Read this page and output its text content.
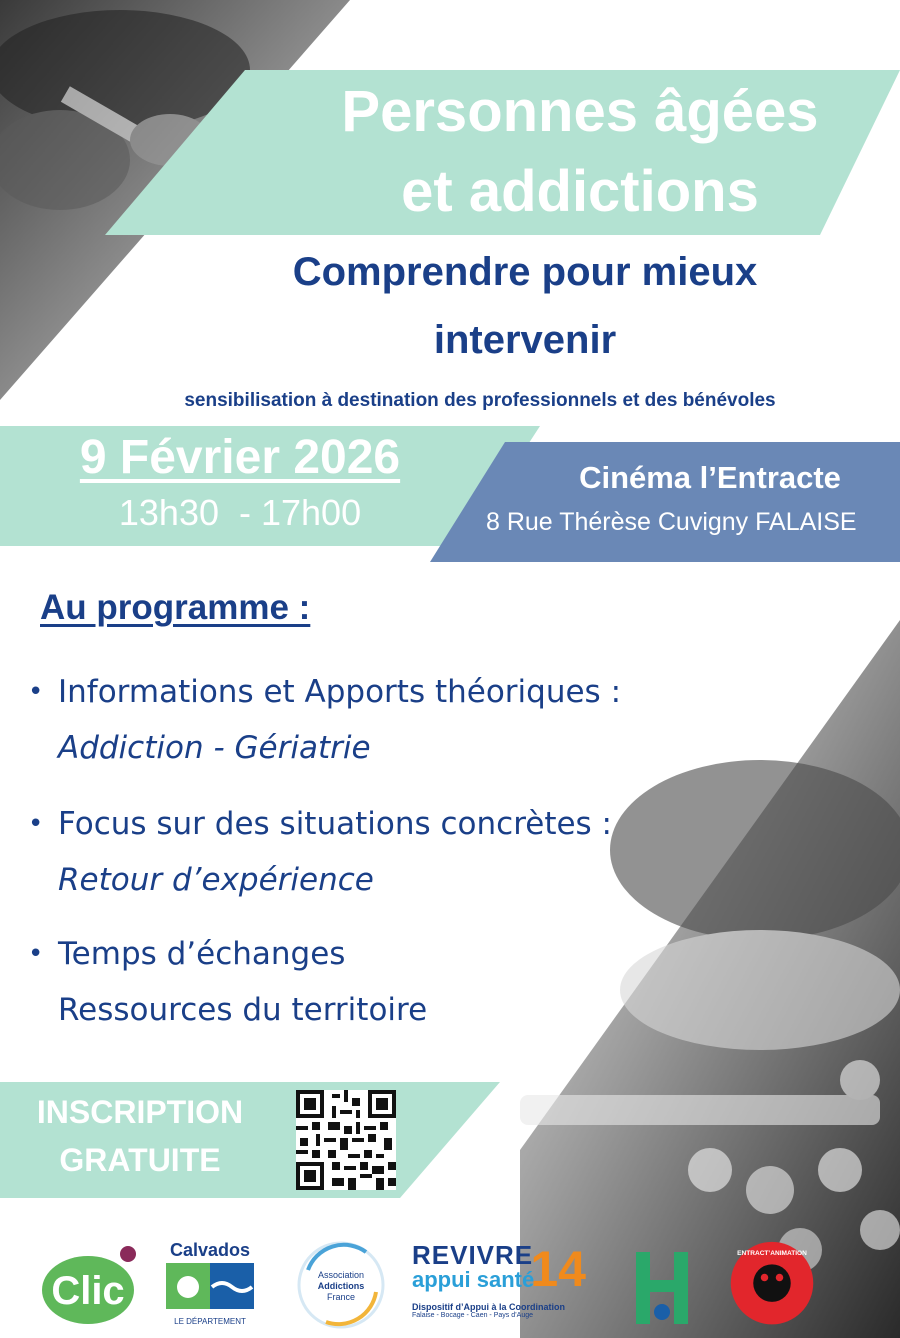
Personnes âgées
et addictions
Comprendre pour mieux
intervenir
sensibilisation à destination des professionnels et des bénévoles
9 Février 2026
13h30  - 17h00
Cinéma l’Entracte
8 Rue Thérèse Cuvigny FALAISE
Au programme :
• Informations et Apports théoriques :
Addiction - Gériatrie
• Focus sur des situations concrètes :
Retour d’expérience
• Temps d’échanges
Ressources du territoire
INSCRIPTION
GRATUITE
Clic
Calvados
LE DÉPARTEMENT
Association
Addictions
France
REVIVRE
appui santé
14
Dispositif d’Appui à la Coordination
Falaise - Bocage - Caen - Pays d’Auge
ENTRACT’ANIMATION
